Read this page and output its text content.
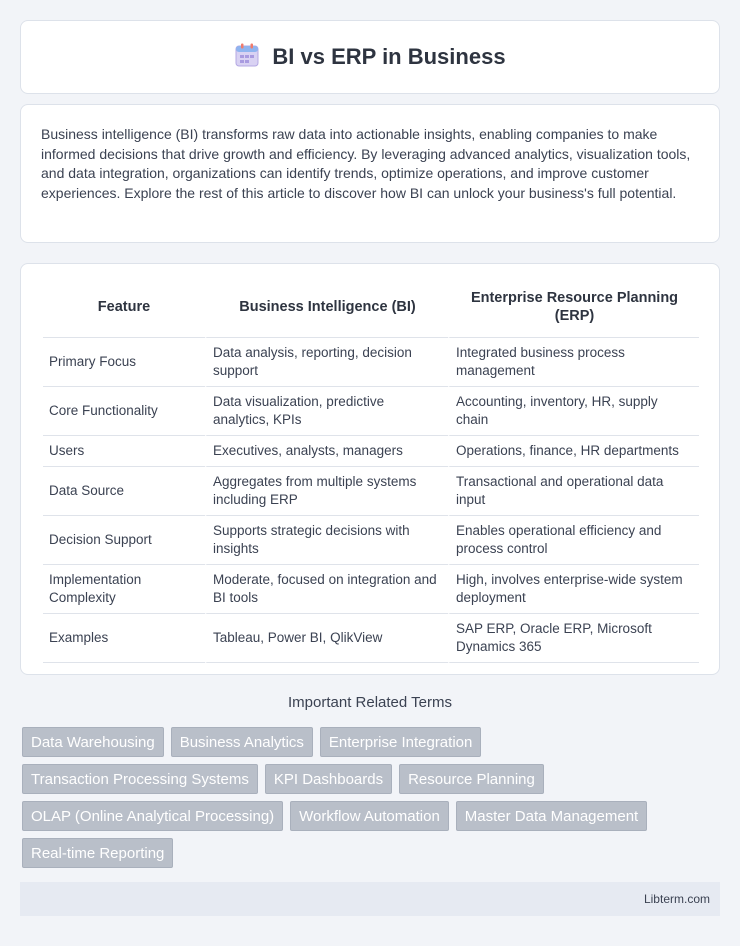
BI vs ERP in Business

Business intelligence (BI) transforms raw data into actionable insights, enabling companies to make informed decisions that drive growth and efficiency. By leveraging advanced analytics, visualization tools, and data integration, organizations can identify trends, optimize operations, and improve customer experiences. Explore the rest of this article to discover how BI can unlock your business's full potential.

Feature	Business Intelligence (BI)	Enterprise Resource Planning (ERP)
Primary Focus	Data analysis, reporting, decision support	Integrated business process management
Core Functionality	Data visualization, predictive analytics, KPIs	Accounting, inventory, HR, supply chain
Users	Executives, analysts, managers	Operations, finance, HR departments
Data Source	Aggregates from multiple systems including ERP	Transactional and operational data input
Decision Support	Supports strategic decisions with insights	Enables operational efficiency and process control
Implementation Complexity	Moderate, focused on integration and BI tools	High, involves enterprise-wide system deployment
Examples	Tableau, Power BI, QlikView	SAP ERP, Oracle ERP, Microsoft Dynamics 365
Important Related Terms
Data Warehousing	Business Analytics	Enterprise Integration
Transaction Processing Systems	KPI Dashboards	Resource Planning
OLAP (Online Analytical Processing)	Workflow Automation	Master Data Management
Real-time Reporting
Libterm.com
